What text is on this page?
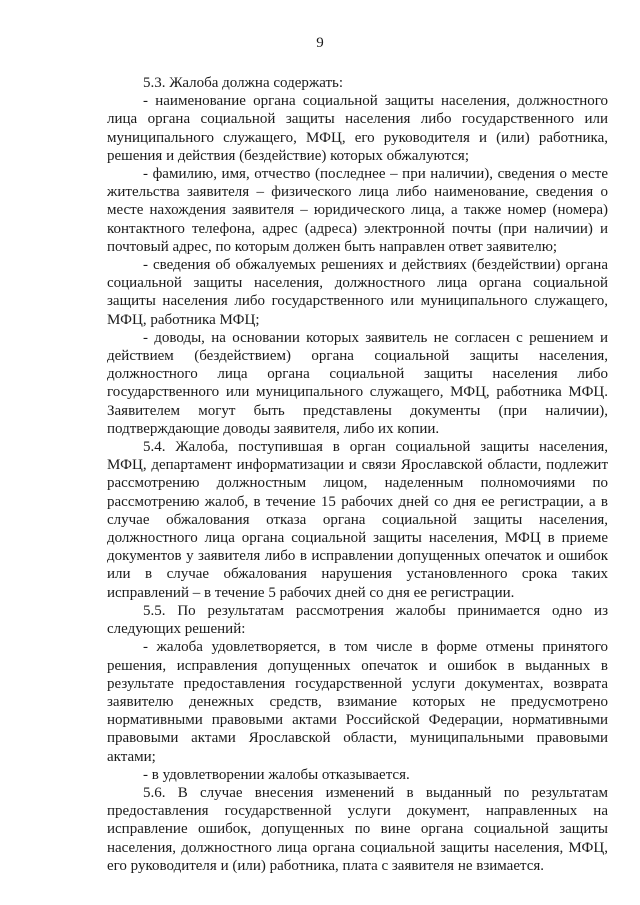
9

5.3. Жалоба должна содержать:

- наименование органа социальной защиты населения, должностного лица органа социальной защиты населения либо государственного или муниципального служащего, МФЦ, его руководителя и (или) работника, решения и действия (бездействие) которых обжалуются;

- фамилию, имя, отчество (последнее – при наличии), сведения о месте жительства заявителя – физического лица либо наименование, сведения о месте нахождения заявителя – юридического лица, а также номер (номера) контактного телефона, адрес (адреса) электронной почты (при наличии) и почтовый адрес, по которым должен быть направлен ответ заявителю;

- сведения об обжалуемых решениях и действиях (бездействии) органа социальной защиты населения, должностного лица органа социальной защиты населения либо государственного или муниципального служащего, МФЦ, работника МФЦ;

- доводы, на основании которых заявитель не согласен с решением и действием (бездействием) органа социальной защиты населения, должностного лица органа социальной защиты населения либо государственного или муниципального служащего, МФЦ, работника МФЦ. Заявителем могут быть представлены документы (при наличии), подтверждающие доводы заявителя, либо их копии.

5.4. Жалоба, поступившая в орган социальной защиты населения, МФЦ, департамент информатизации и связи Ярославской области, подлежит рассмотрению должностным лицом, наделенным полномочиями по рассмотрению жалоб, в течение 15 рабочих дней со дня ее регистрации, а в случае обжалования отказа органа социальной защиты населения, должностного лица органа социальной защиты населения, МФЦ в приеме документов у заявителя либо в исправлении допущенных опечаток и ошибок или в случае обжалования нарушения установленного срока таких исправлений – в течение 5 рабочих дней со дня ее регистрации.

5.5. По результатам рассмотрения жалобы принимается одно из следующих решений:

- жалоба удовлетворяется, в том числе в форме отмены принятого решения, исправления допущенных опечаток и ошибок в выданных в результате предоставления государственной услуги документах, возврата заявителю денежных средств, взимание которых не предусмотрено нормативными правовыми актами Российской Федерации, нормативными правовыми актами Ярославской области, муниципальными правовыми актами;

- в удовлетворении жалобы отказывается.

5.6. В случае внесения изменений в выданный по результатам предоставления государственной услуги документ, направленных на исправление ошибок, допущенных по вине органа социальной защиты населения, должностного лица органа социальной защиты населения, МФЦ, его руководителя и (или) работника, плата с заявителя не взимается.
